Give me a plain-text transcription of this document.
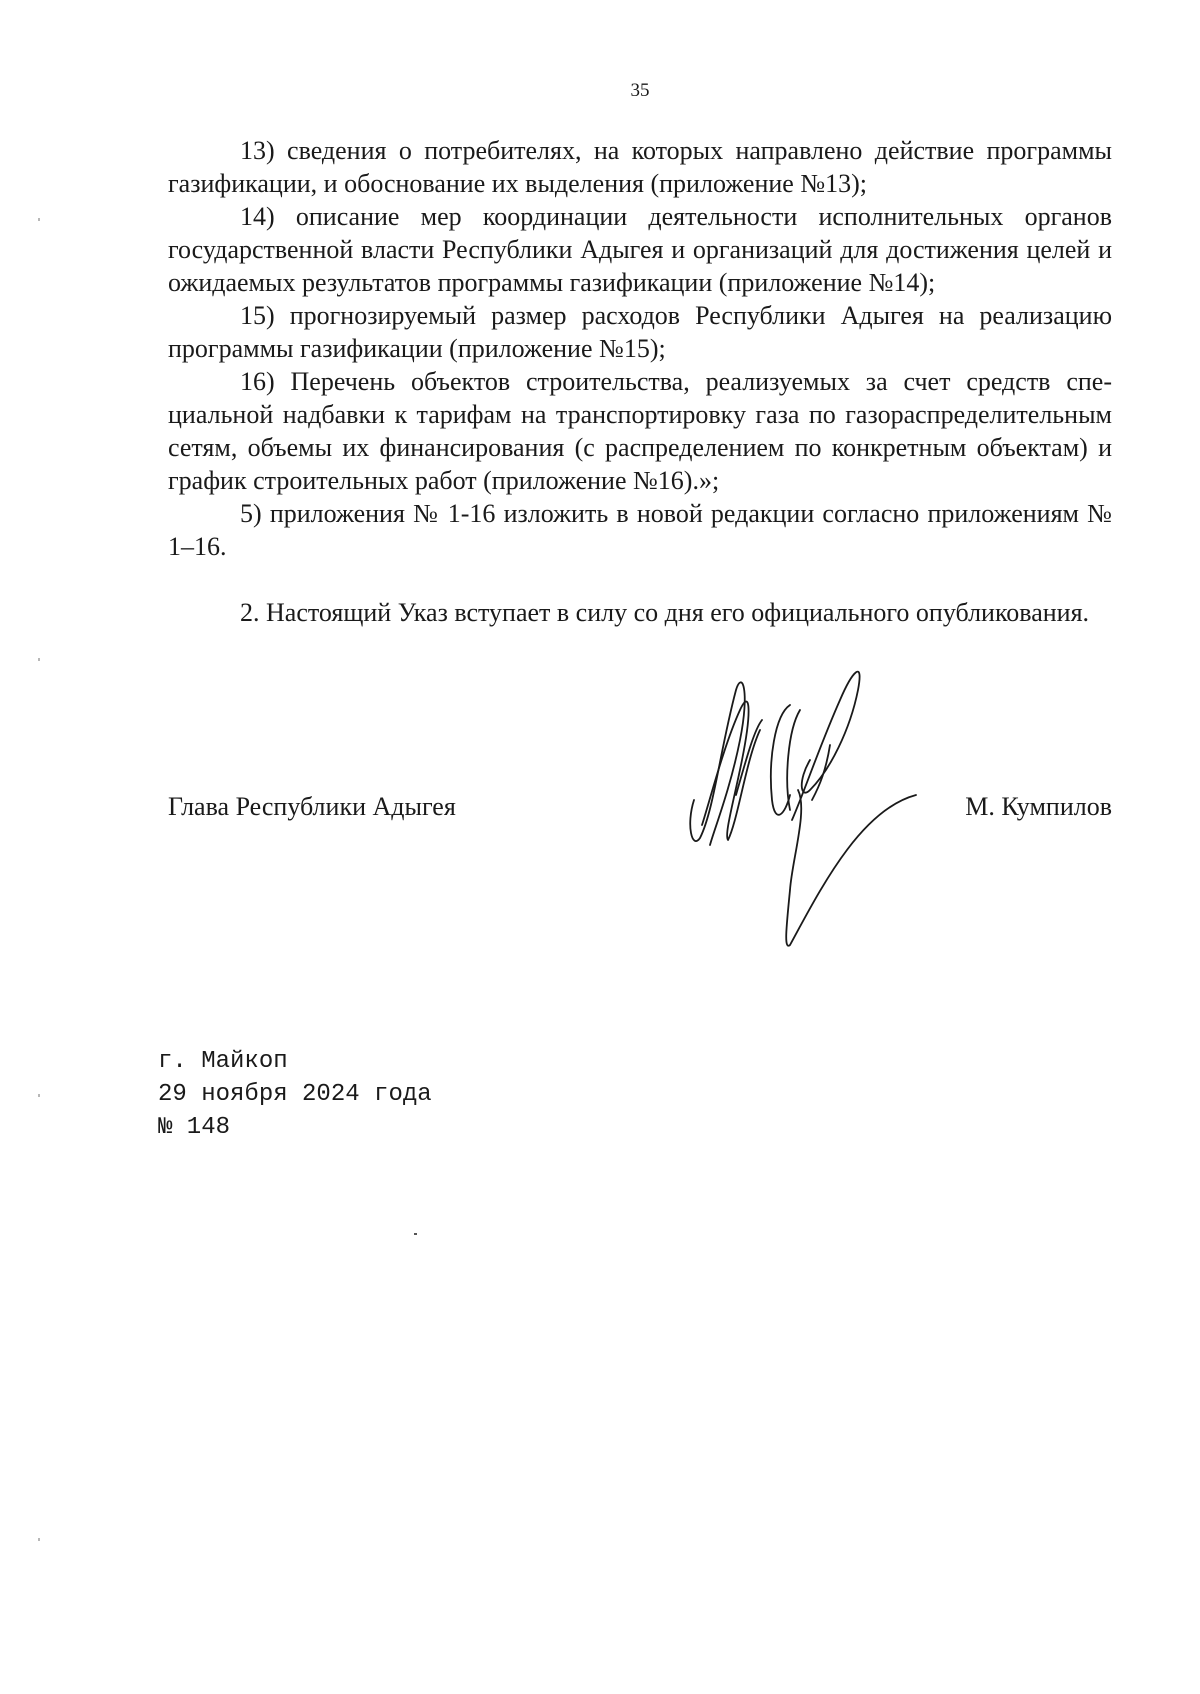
35

13) сведения о потребителях, на которых направлено действие программы газификации, и обоснование их выделения (приложение №13);

14) описание мер координации деятельности исполнительных органов государственной власти Республики Адыгея и организаций для достижения целей и ожидаемых результатов программы газификации (приложение №14);

15) прогнозируемый размер расходов Республики Адыгея на реализацию программы газификации (приложение №15);

16) Перечень объектов строительства, реализуемых за счет средств специальной надбавки к тарифам на транспортировку газа по газораспределительным сетям, объемы их финансирования (с распределением по конкретным объектам) и график строительных работ (приложение №16).»;

5) приложения № 1-16 изложить в новой редакции согласно приложениям № 1–16.

2. Настоящий Указ вступает в силу со дня его официального опубликования.

Глава Республики Адыгея	М. Кумпилов
г. Майкоп
29 ноября 2024 года
№ 148
